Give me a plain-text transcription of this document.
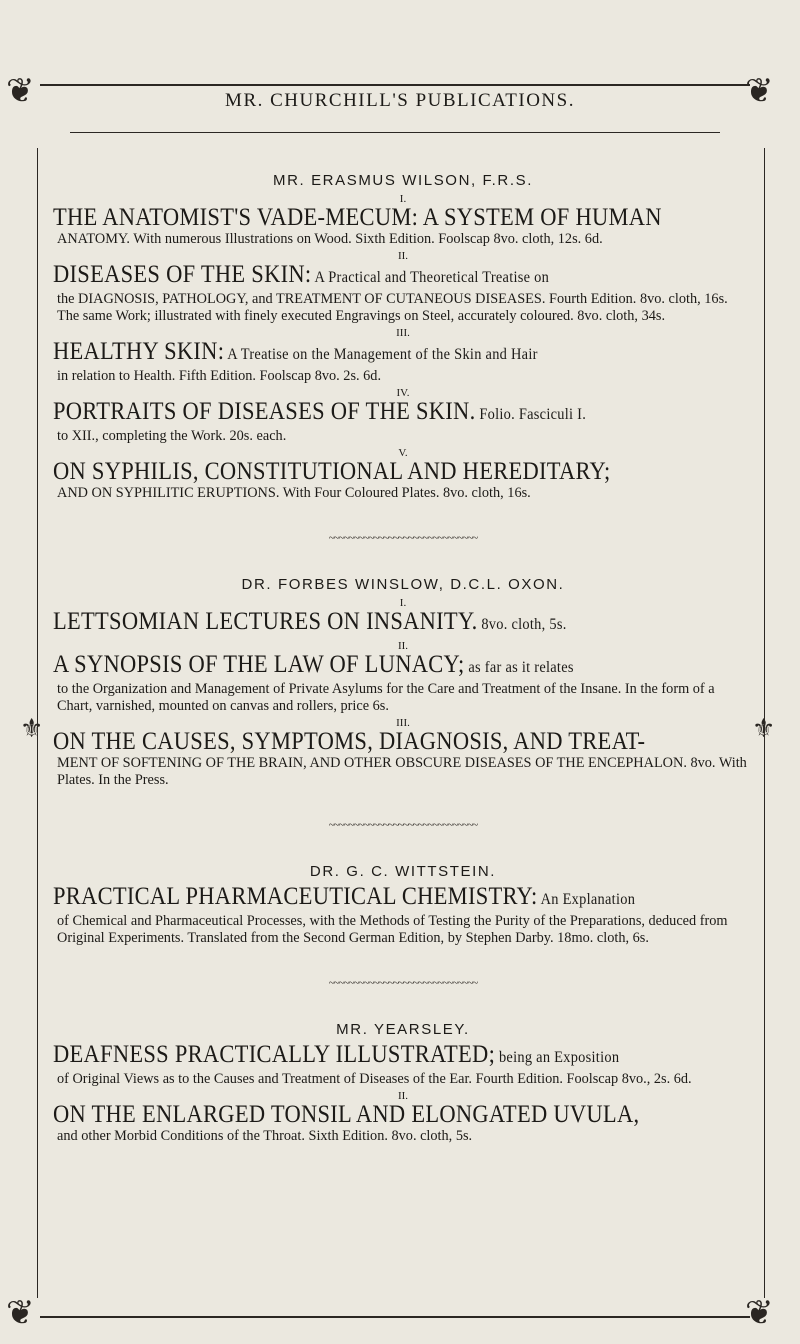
❦	❦
❦	❦
⚜	⚜
MR. CHURCHILL'S PUBLICATIONS.
MR. ERASMUS WILSON, F.R.S.
I.
THE ANATOMIST'S VADE-MECUM: A SYSTEM OF HUMAN
ANATOMY. With numerous Illustrations on Wood. Sixth Edition. Foolscap 8vo. cloth, 12s. 6d.
II.
DISEASES OF THE SKIN: A Practical and Theoretical Treatise on
the DIAGNOSIS, PATHOLOGY, and TREATMENT OF CUTANEOUS DISEASES. Fourth Edition. 8vo. cloth, 16s. The same Work; illustrated with finely executed Engravings on Steel, accurately coloured. 8vo. cloth, 34s.
III.
HEALTHY SKIN: A Treatise on the Management of the Skin and Hair
in relation to Health. Fifth Edition. Foolscap 8vo. 2s. 6d.
IV.
PORTRAITS OF DISEASES OF THE SKIN. Folio. Fasciculi I.
to XII., completing the Work. 20s. each.
V.
ON SYPHILIS, CONSTITUTIONAL AND HEREDITARY;
AND ON SYPHILITIC ERUPTIONS. With Four Coloured Plates. 8vo. cloth, 16s.
~~~~~~~~~~~~~~~~~~~~~~~~~~~~~~
DR. FORBES WINSLOW, D.C.L. OXON.
I.
LETTSOMIAN LECTURES ON INSANITY. 8vo. cloth, 5s.
II.
A SYNOPSIS OF THE LAW OF LUNACY; as far as it relates
to the Organization and Management of Private Asylums for the Care and Treatment of the Insane. In the form of a Chart, varnished, mounted on canvas and rollers, price 6s.
III.
ON THE CAUSES, SYMPTOMS, DIAGNOSIS, AND TREAT-
MENT OF SOFTENING OF THE BRAIN, AND OTHER OBSCURE DISEASES OF THE ENCEPHALON. 8vo. With Plates. In the Press.
~~~~~~~~~~~~~~~~~~~~~~~~~~~~~~
DR. G. C. WITTSTEIN.
PRACTICAL PHARMACEUTICAL CHEMISTRY: An Explanation
of Chemical and Pharmaceutical Processes, with the Methods of Testing the Purity of the Preparations, deduced from Original Experiments. Translated from the Second German Edition, by Stephen Darby. 18mo. cloth, 6s.
~~~~~~~~~~~~~~~~~~~~~~~~~~~~~~
MR. YEARSLEY.
DEAFNESS PRACTICALLY ILLUSTRATED; being an Exposition
of Original Views as to the Causes and Treatment of Diseases of the Ear. Fourth Edition. Foolscap 8vo., 2s. 6d.
II.
ON THE ENLARGED TONSIL AND ELONGATED UVULA,
and other Morbid Conditions of the Throat. Sixth Edition. 8vo. cloth, 5s.
